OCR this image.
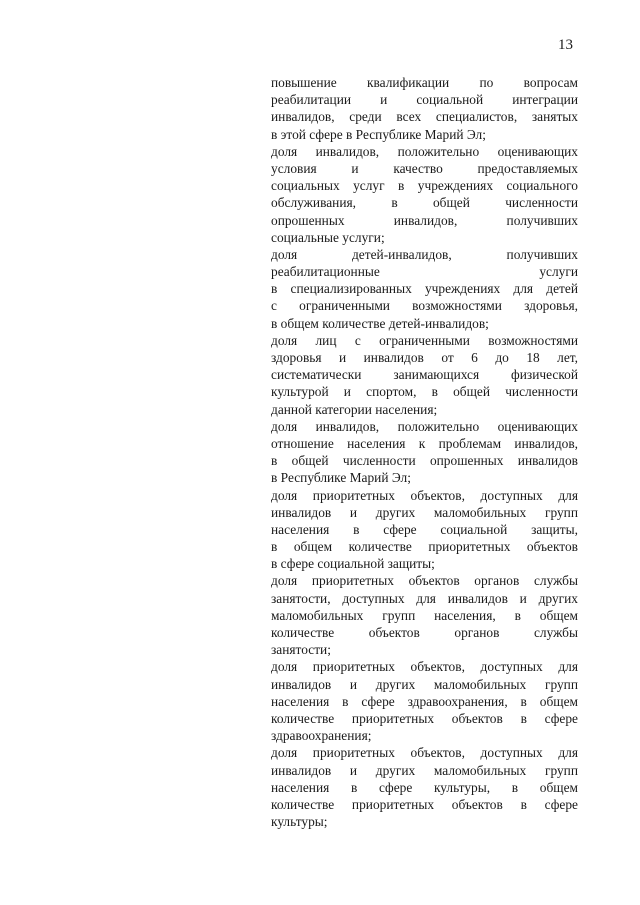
13
повышение квалификации по вопросам
реабилитации и социальной интеграции
инвалидов, среди всех специалистов, занятых
в этой сфере в Республике Марий Эл;
доля инвалидов, положительно оценивающих
условия и качество предоставляемых
социальных услуг в учреждениях социального
обслуживания, в общей численности
опрошенных инвалидов, получивших
социальные услуги;
доля детей-инвалидов, получивших
реабилитационные услуги
в специализированных учреждениях для детей
с ограниченными возможностями здоровья,
в общем количестве детей-инвалидов;
доля лиц с ограниченными возможностями
здоровья и инвалидов от 6 до 18 лет,
систематически занимающихся физической
культурой и спортом, в общей численности
данной категории населения;
доля инвалидов, положительно оценивающих
отношение населения к проблемам инвалидов,
в общей численности опрошенных инвалидов
в Республике Марий Эл;
доля приоритетных объектов, доступных для
инвалидов и других маломобильных групп
населения в сфере социальной защиты,
в общем количестве приоритетных объектов
в сфере социальной защиты;
доля приоритетных объектов органов службы
занятости, доступных для инвалидов и других
маломобильных групп населения, в общем
количестве объектов органов службы
занятости;
доля приоритетных объектов, доступных для
инвалидов и других маломобильных групп
населения в сфере здравоохранения, в общем
количестве приоритетных объектов в сфере
здравоохранения;
доля приоритетных объектов, доступных для
инвалидов и других маломобильных групп
населения в сфере культуры, в общем
количестве приоритетных объектов в сфере
культуры;
